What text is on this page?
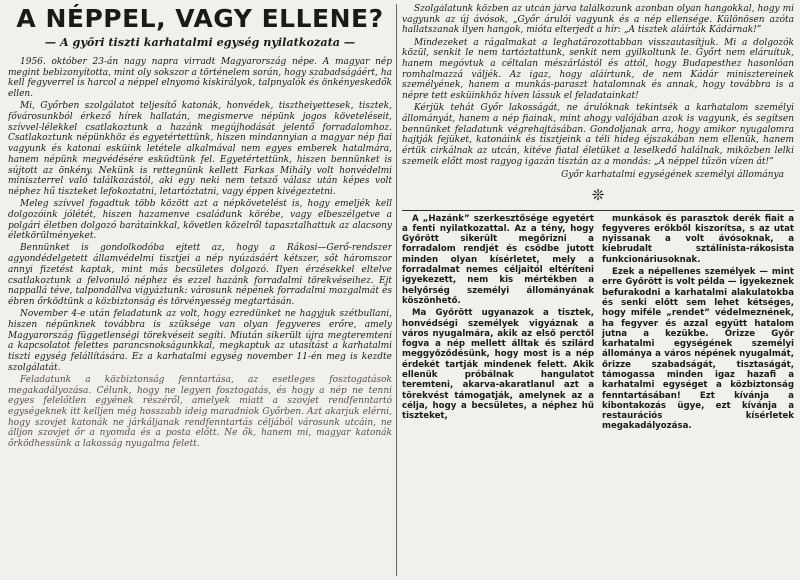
A NÉPPEL, VAGY ELLENE?
— A győri tiszti karhatalmi egység nyilatkozata —

1956. október 23-án nagy napra virradt Magyarország népe. A magyar nép megint bebizonyította, mint oly sokszor a történelem során, hogy szabadságáért, ha kell fegyverrel is harcol a néppel elnyomó kiskirályok, talpnyalók és önkényeskedők ellen.

Mi, Győrben szolgálatot teljesítő katonák, honvédek, tisztheiyettesek, tisztek, fővárosunkból érkező hírek hallatán, megismerve népünk jogos követeléseit, szívvel-lélekkel csatlakoztunk a hazánk megújhodását jelentő forradalomhoz. Csatlakoztunk népünkhöz és egyetértettünk, hiszen mindannyian a magyar nép fiai vagyunk és katonai esküink letétele alkalmával nem egyes emberek hatalmára, hanem népünk megvédésére esküdtünk fel. Egyetértettünk, hiszen bennünket is sújtott az önkény. Nekünk is rettegnünk kellett Farkas Mihály volt honvédelmi miniszterrel való találkozástól, aki egy neki nem tetsző válasz után képes volt néphez hű tiszteket lefokoztatni, letartóztatni, vagy éppen kivégeztetni.

Meleg szívvel fogadtuk több között azt a népkövetelést is, hogy emeljék kell dolgozóink jólétét, hiszen hazamenve családunk körébe, vagy elbeszélgetve a polgári életben dolgozó barátainkkal, követlen közelről tapasztalhattuk az alacsony életkörülményeket.

Bennünket is gondolkodóba ejtett az, hogy a Rákosi—Gerő-rendszer agyondédelgetett államvédelmi tisztjei a nép nyúzásáért kétszer, sőt háromszor annyi fizetést kaptak, mint más becsületes dolgozó. Ilyen érzésekkel eltelve csatlakoztunk a felvonuló néphez és ezzel hazánk forradalmi törekvéseihez. Ejt nappallá téve, talpondállva vigyáztunk: városunk népének forradalmi mozgalmát és ébren őrködtünk a közbiztonság és törvényesség megtartásán.

November 4-e után feladatunk az volt, hogy ezredünket ne hagyjuk szétbullani, hiszen népünknek továbbra is szüksége van olyan fegyveres erőre, amely Magyarország függetlenségi törekvéseit segíti. Miután sikerült újra megteremteni a kapcsolatot felettes parancsnokságunkkal, megkaptuk az utasítást a karhatalmi tiszti egység felállítására. Ez a karhatalmi egység november 11-én meg is kezdte szolgálatát.

Feladatunk a közbiztonság fenntartása, az esetleges fosztogatások megakadályozása. Célunk, hogy ne legyen fosztogatás, és hogy a nép ne tenni egyes felelőtlen egyének részéről, amelyek miatt a szovjet rendfenntartó egységeknek itt kelljen még hosszabb ideig maradniok Győrben. Azt akarjuk elérni, hogy szovjet katonák ne járkáljanak rendfenntartás céljából városunk utcáin, ne álljon szovjet őr a nyomda és a posta előtt. Ne ők, hanem mi, magyar katonák őrködhessünk a lakosság nyugalma felett.

Szolgálatunk közben az utcán járva találkozunk azonban olyan hangokkal, hogy mi vagyunk az új ávósok, „Győr árulói vagyunk és a nép ellensége. Különösen azóta hallatszanak ilyen hangok, mióta elterjedt a hír: „A tisztek aláírták Kádárnak!”

Mindezeket a rágalmakat a leghatározottabban visszautasítjuk. Mi a dolgozók közül, senkit le nem tartóztattunk, senkit nem gyilkoltunk le. Győrt nem eláruítuk, hanem megóvtuk a céltalan mészárlástól és attól, hogy Budapesthez hasonlóan romhalmazzá váljék. Az igaz, hogy aláírtunk, de nem Kádár minisztereinek személyének, hanem a munkás-paraszt hatalomnak és annak, hogy továbbra is a népre tett esküinkhöz híven lássuk el feladatainkat!

Kérjük tehát Győr lakosságát, ne árulóknak tekintsék a karhatalom személyi állományát, hanem a nép fiainak, mint ahogy valójában azok is vagyunk, és segítsen bennünket feladatunk végrehajtásában. Gondoljanak arra, hogy amikor nyugalomra hajtják fejüket, katonáink és tisztjeink a téli hideg éjszakában nem ellenük, hanem értük cirkálnak az utcán, kitéve fiatal életüket a leselkedő halálnak, miközben lelki szemeik előtt most ragyog igazán tisztán az a mondás: „A néppel tűzön vízen át!”

Győr karhatalmi egységének személyi állománya
❊

A „Hazánk” szerkesztősége egyetért a fenti nyilatkozattal. Az a tény, hogy Győrött sikerült megőrizni a forradalom rendjét és csődbe jutott minden olyan kísérletet, mely a forradalmat nemes céljaitól eltéríteni igyekezett, nem kis mértékben a helyőrség személyi állományának köszönhető.

Ma Győrött ugyanazok a tisztek, honvédségi személyek vigyáznak a város nyugalmára, akik az első perctől fogva a nép mellett álltak és szilárd meggyőződésünk, hogy most is a nép érdekét tartják mindenek felett. Akik ellenük próbálnak hangulatot teremteni, akarva-akaratlanul azt a törekvést támogatják, amelynek az a célja, hogy a becsületes, a néphez hű tiszteket,

munkások és parasztok derék fiait a fegyveres erőkből kiszorítsa, s az utat nyissanak a volt ávósoknak, a kiebrudalt sztálinista-rákosista funkcionáriusoknak.

Ezek a népellenes személyek — mint erre Győrött is volt példa — igyekeznek befurakodni a karhatalmi alakulatokba és senki előtt sem lehet kétséges, hogy miféle „rendet” védelmeznének, ha fegyver és azzal együtt hatalom jutna a kezükbe. Őrizze Győr karhatalmi egységének személyi állománya a város népének nyugalmát, őrizze szabadságát, tisztaságát, támogassa minden igaz hazafi a karhatalmi egységet a közbiztonság fenntartásában! Ezt kívánja a kibontakozás ügye, ezt kívánja a restaurációs kísérletek megakadályozása.
